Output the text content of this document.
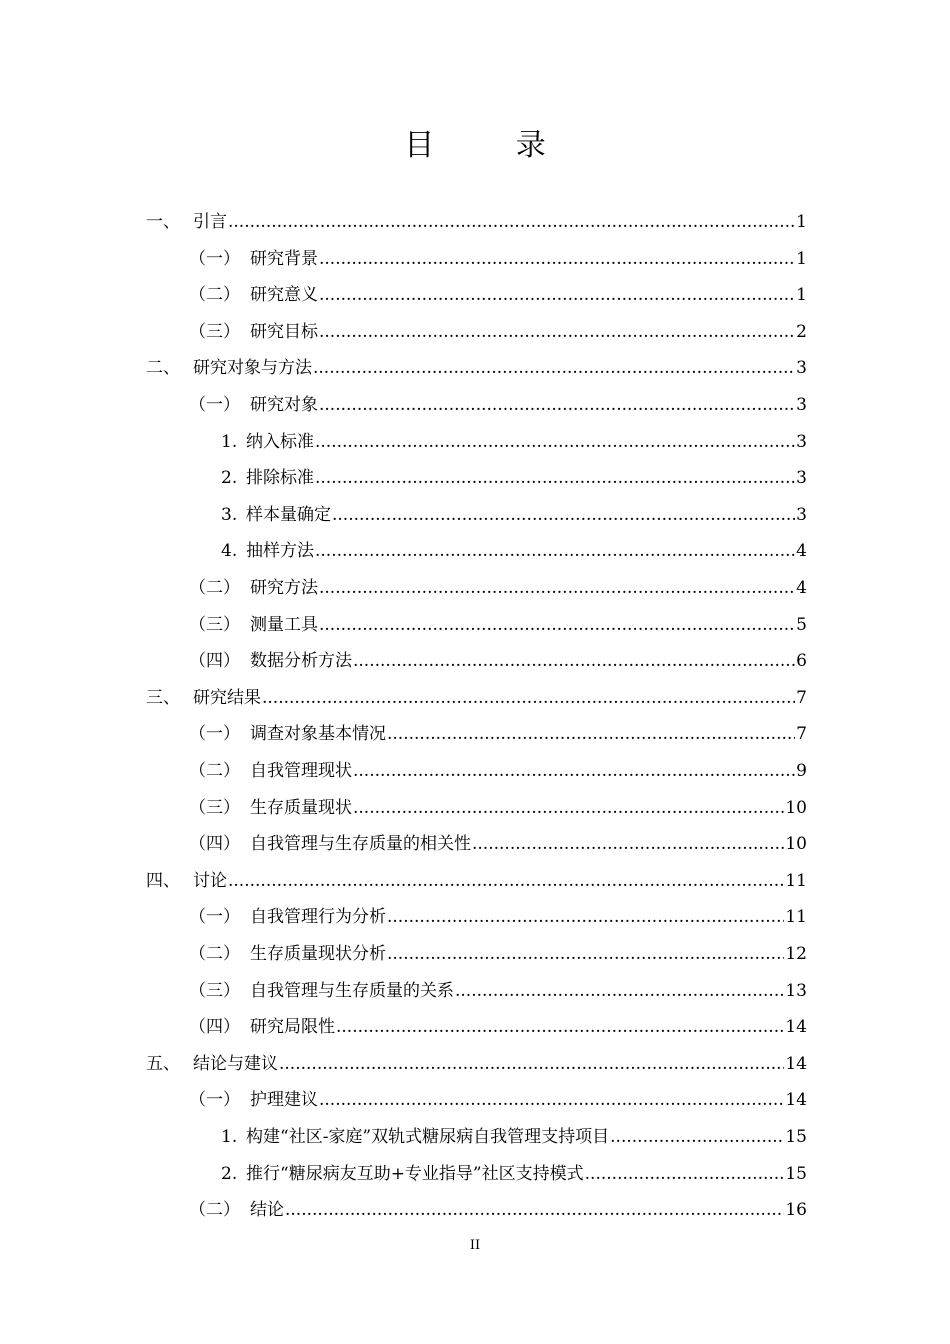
目 录
一、 引言 .....	1
（一） 研究背景 .....	1
（二） 研究意义 .....	1
（三） 研究目标 .....	2
二、 研究对象与方法 .....	3
（一） 研究对象 .....	3
1. 纳入标准 .....	3
2. 排除标准 .....	3
3. 样本量确定 .....	3
4. 抽样方法 .....	4
（二） 研究方法 .....	4
（三） 测量工具 .....	5
（四） 数据分析方法 .....	6
三、 研究结果 .....	7
（一） 调查对象基本情况 .....	7
（二） 自我管理现状 .....	9
（三） 生存质量现状 .....	10
（四） 自我管理与生存质量的相关性 .....	10
四、 讨论 .....	11
（一） 自我管理行为分析 .....	11
（二） 生存质量现状分析 .....	12
（三） 自我管理与生存质量的关系 .....	13
（四） 研究局限性 .....	14
五、 结论与建议 .....	14
（一） 护理建议 .....	14
1. 构建“社区-家庭”双轨式糖尿病自我管理支持项目 .....	15
2. 推行“糖尿病友互助+专业指导”社区支持模式 .....	15
（二） 结论 .....	16
II
